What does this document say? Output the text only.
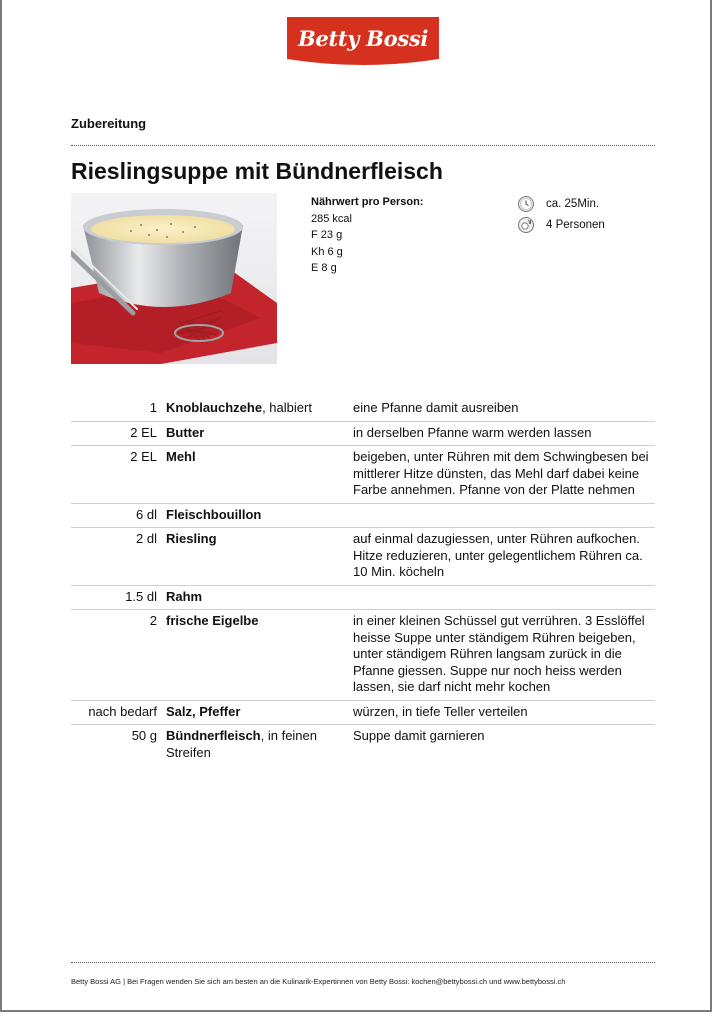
Betty Bossi
Zubereitung
Rieslingsuppe mit Bündnerfleisch
Nährwert pro Person:
285 kcal
F 23 g
Kh 6 g
E 8 g
ca. 25Min.
4 Personen
1	Knoblauchzehe, halbiert	eine Pfanne damit ausreiben
2 EL	Butter	in derselben Pfanne warm werden lassen
2 EL	Mehl	beigeben, unter Rühren mit dem Schwingbesen bei mittlerer Hitze dünsten, das Mehl darf dabei keine Farbe annehmen. Pfanne von der Platte nehmen
6 dl	Fleischbouillon	
2 dl	Riesling	auf einmal dazugiessen, unter Rühren aufkochen. Hitze reduzieren, unter gelegentlichem Rühren ca. 10 Min. köcheln
1.5 dl	Rahm	
2	frische Eigelbe	in einer kleinen Schüssel gut verrühren. 3 Esslöffel heisse Suppe unter ständigem Rühren beigeben, unter ständigem Rühren langsam zurück in die Pfanne giessen. Suppe nur noch heiss werden lassen, sie darf nicht mehr kochen
nach bedarf	Salz, Pfeffer	würzen, in tiefe Teller verteilen
50 g	Bündnerfleisch, in feinen Streifen	Suppe damit garnieren
Betty Bossi AG | Bei Fragen wenden Sie sich am besten an die Kulinarik-Expertinnen von Betty Bossi: kochen@bettybossi.ch und www.bettybossi.ch
